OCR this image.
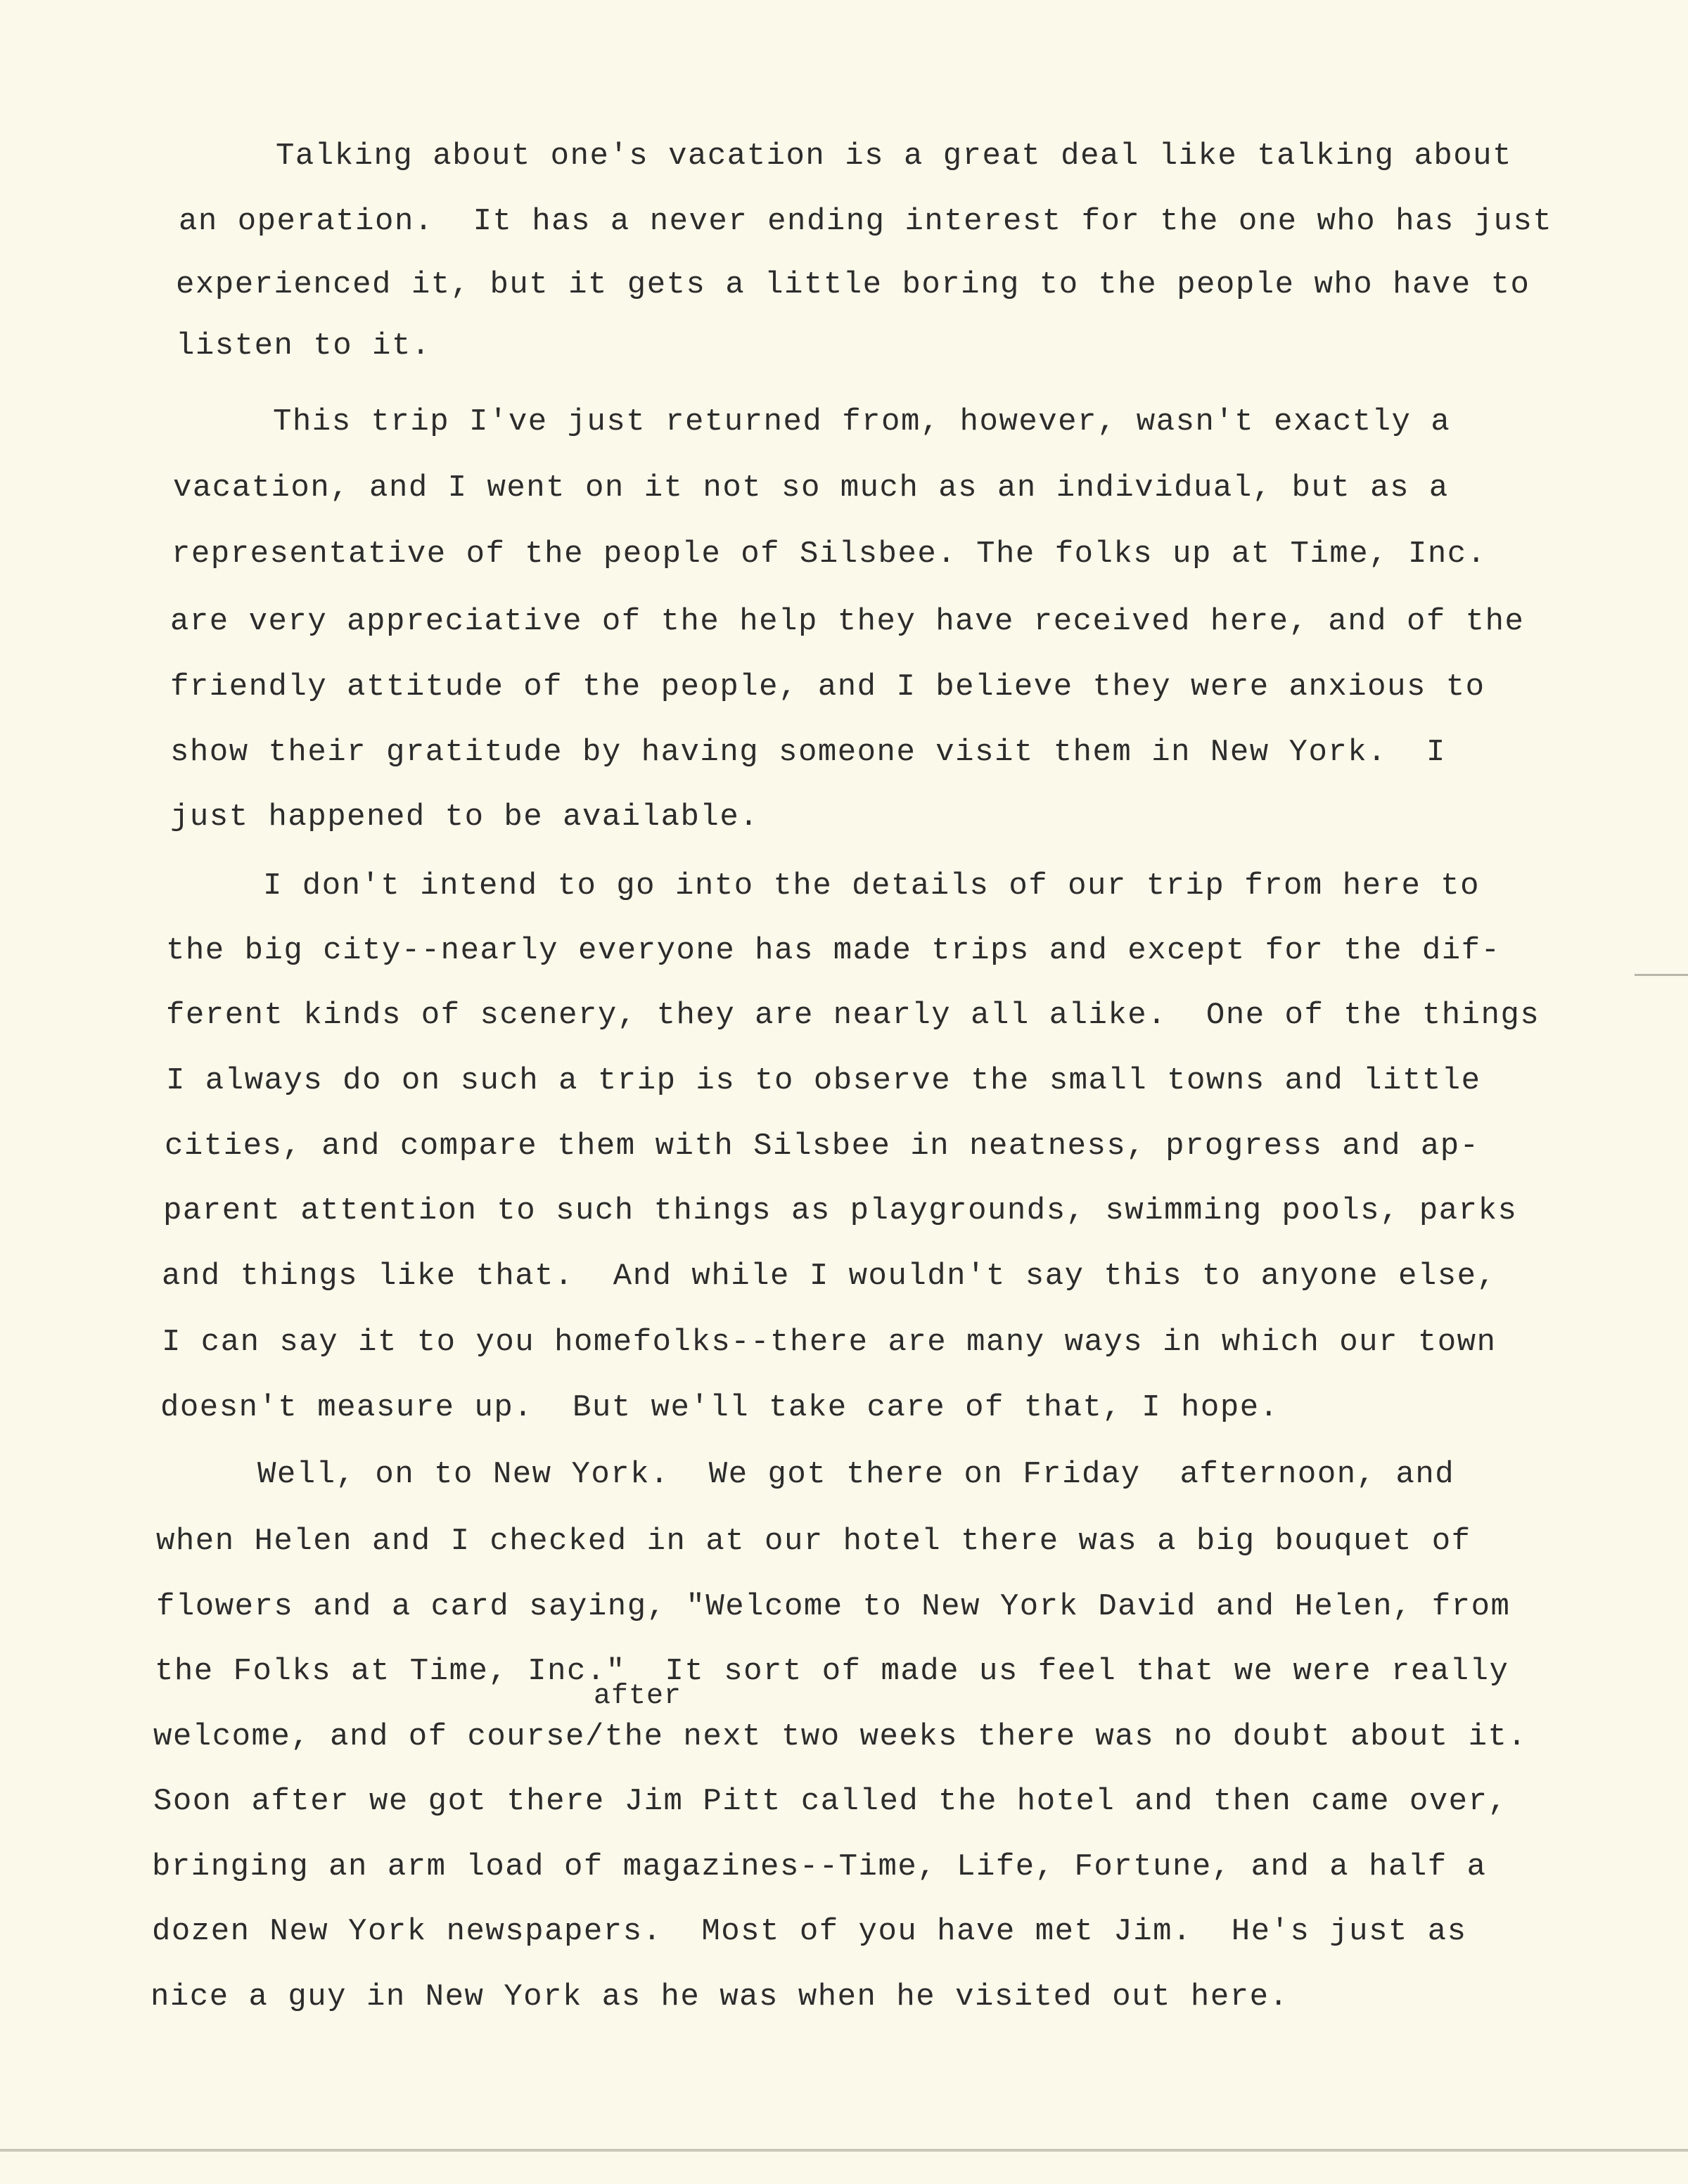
Talking about one's vacation is a great deal like talking about
an operation.  It has a never ending interest for the one who has just
experienced it, but it gets a little boring to the people who have to
listen to it.
This trip I've just returned from, however, wasn't exactly a
vacation, and I went on it not so much as an individual, but as a
representative of the people of Silsbee. The folks up at Time, Inc.
are very appreciative of the help they have received here, and of the
friendly attitude of the people, and I believe they were anxious to
show their gratitude by having someone visit them in New York.  I
just happened to be available.
I don't intend to go into the details of our trip from here to
the big city--nearly everyone has made trips and except for the dif-
ferent kinds of scenery, they are nearly all alike.  One of the things
I always do on such a trip is to observe the small towns and little
cities, and compare them with Silsbee in neatness, progress and ap-
parent attention to such things as playgrounds, swimming pools, parks
and things like that.  And while I wouldn't say this to anyone else,
I can say it to you homefolks--there are many ways in which our town
doesn't measure up.  But we'll take care of that, I hope.
Well, on to New York.  We got there on Friday  afternoon, and
when Helen and I checked in at our hotel there was a big bouquet of
flowers and a card saying, "Welcome to New York David and Helen, from
the Folks at Time, Inc."  It sort of made us feel that we were really
after
welcome, and of course/the next two weeks there was no doubt about it.
Soon after we got there Jim Pitt called the hotel and then came over,
bringing an arm load of magazines--Time, Life, Fortune, and a half a
dozen New York newspapers.  Most of you have met Jim.  He's just as
nice a guy in New York as he was when he visited out here.
